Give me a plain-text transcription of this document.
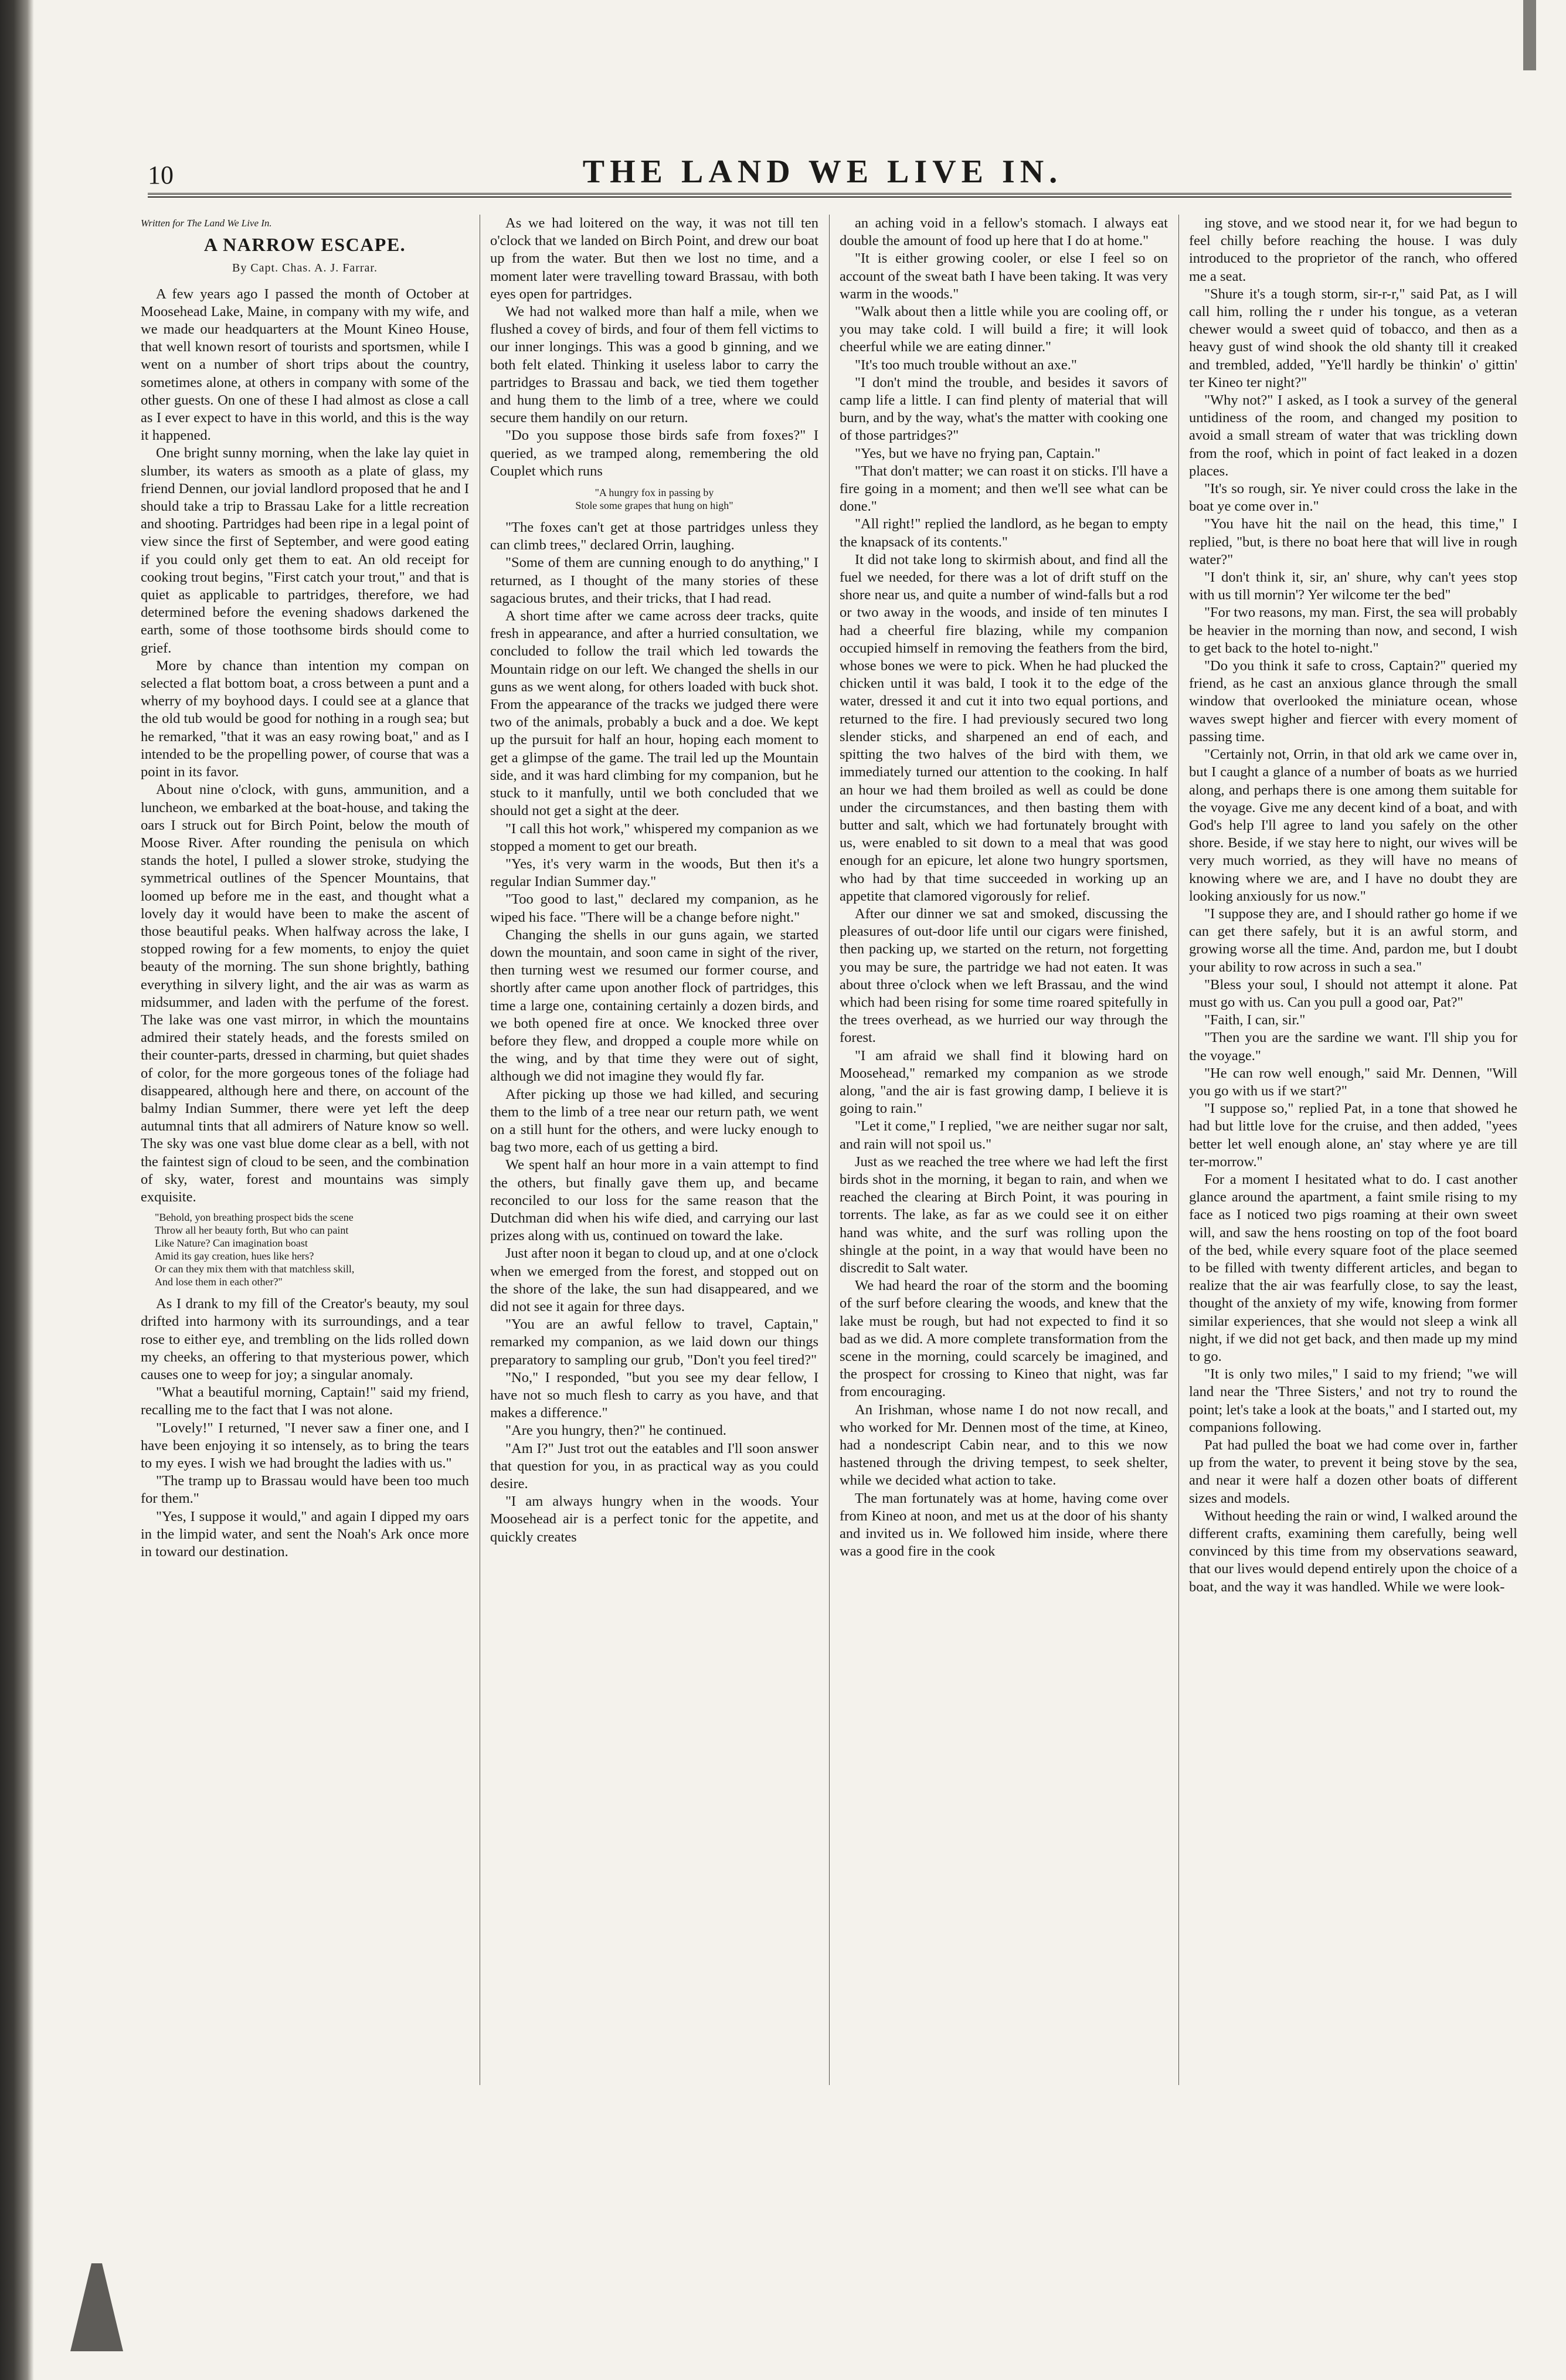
10	THE LAND WE LIVE IN.
Written for The Land We Live In.
A NARROW ESCAPE.
By Capt. Chas. A. J. Farrar.

A few years ago I passed the month of October at Moosehead Lake, Maine, in company with my wife, and we made our headquarters at the Mount Kineo House, that well known resort of tourists and sportsmen, while I went on a number of short trips about the country, sometimes alone, at others in company with some of the other guests. On one of these I had almost as close a call as I ever expect to have in this world, and this is the way it happened.

One bright sunny morning, when the lake lay quiet in slumber, its waters as smooth as a plate of glass, my friend Dennen, our jovial landlord proposed that he and I should take a trip to Brassau Lake for a little recreation and shooting. Partridges had been ripe in a legal point of view since the first of September, and were good eating if you could only get them to eat. An old receipt for cooking trout begins, "First catch your trout," and that is quiet as applicable to partridges, therefore, we had determined before the evening shadows darkened the earth, some of those toothsome birds should come to grief.

More by chance than intention my compan on selected a flat bottom boat, a cross between a punt and a wherry of my boyhood days. I could see at a glance that the old tub would be good for nothing in a rough sea; but he remarked, "that it was an easy rowing boat," and as I intended to be the propelling power, of course that was a point in its favor.

About nine o'clock, with guns, ammunition, and a luncheon, we embarked at the boat-house, and taking the oars I struck out for Birch Point, below the mouth of Moose River. After rounding the penisula on which stands the hotel, I pulled a slower stroke, studying the symmetrical outlines of the Spencer Mountains, that loomed up before me in the east, and thought what a lovely day it would have been to make the ascent of those beautiful peaks. When halfway across the lake, I stopped rowing for a few moments, to enjoy the quiet beauty of the morning. The sun shone brightly, bathing everything in silvery light, and the air was as warm as midsummer, and laden with the perfume of the forest. The lake was one vast mirror, in which the mountains admired their stately heads, and the forests smiled on their counter-parts, dressed in charming, but quiet shades of color, for the more gorgeous tones of the foliage had disappeared, although here and there, on account of the balmy Indian Summer, there were yet left the deep autumnal tints that all admirers of Nature know so well. The sky was one vast blue dome clear as a bell, with not the faintest sign of cloud to be seen, and the combination of sky, water, forest and mountains was simply exquisite.

"Behold, yon breathing prospect bids the scene
Throw all her beauty forth, But who can paint
Like Nature? Can imagination boast
Amid its gay creation, hues like hers?
Or can they mix them with that matchless skill,
And lose them in each other?"

As I drank to my fill of the Creator's beauty, my soul drifted into harmony with its surroundings, and a tear rose to either eye, and trembling on the lids rolled down my cheeks, an offering to that mysterious power, which causes one to weep for joy; a singular anomaly.

"What a beautiful morning, Captain!" said my friend, recalling me to the fact that I was not alone.

"Lovely!" I returned, "I never saw a finer one, and I have been enjoying it so intensely, as to bring the tears to my eyes. I wish we had brought the ladies with us."

"The tramp up to Brassau would have been too much for them."

"Yes, I suppose it would," and again I dipped my oars in the limpid water, and sent the Noah's Ark once more in toward our destination.

As we had loitered on the way, it was not till ten o'clock that we landed on Birch Point, and drew our boat up from the water. But then we lost no time, and a moment later were travelling toward Brassau, with both eyes open for partridges.

We had not walked more than half a mile, when we flushed a covey of birds, and four of them fell victims to our inner longings. This was a good b ginning, and we both felt elated. Thinking it useless labor to carry the partridges to Brassau and back, we tied them together and hung them to the limb of a tree, where we could secure them handily on our return.

"Do you suppose those birds safe from foxes?" I queried, as we tramped along, remembering the old Couplet which runs

"A hungry fox in passing by
Stole some grapes that hung on high"

"The foxes can't get at those partridges unless they can climb trees," declared Orrin, laughing.

"Some of them are cunning enough to do anything," I returned, as I thought of the many stories of these sagacious brutes, and their tricks, that I had read.

A short time after we came across deer tracks, quite fresh in appearance, and after a hurried consultation, we concluded to follow the trail which led towards the Mountain ridge on our left. We changed the shells in our guns as we went along, for others loaded with buck shot. From the appearance of the tracks we judged there were two of the animals, probably a buck and a doe. We kept up the pursuit for half an hour, hoping each moment to get a glimpse of the game. The trail led up the Mountain side, and it was hard climbing for my companion, but he stuck to it manfully, until we both concluded that we should not get a sight at the deer.

"I call this hot work," whispered my companion as we stopped a moment to get our breath.

"Yes, it's very warm in the woods, But then it's a regular Indian Summer day."

"Too good to last," declared my companion, as he wiped his face. "There will be a change before night."

Changing the shells in our guns again, we started down the mountain, and soon came in sight of the river, then turning west we resumed our former course, and shortly after came upon another flock of partridges, this time a large one, containing certainly a dozen birds, and we both opened fire at once. We knocked three over before they flew, and dropped a couple more while on the wing, and by that time they were out of sight, although we did not imagine they would fly far.

After picking up those we had killed, and securing them to the limb of a tree near our return path, we went on a still hunt for the others, and were lucky enough to bag two more, each of us getting a bird.

We spent half an hour more in a vain attempt to find the others, but finally gave them up, and became reconciled to our loss for the same reason that the Dutchman did when his wife died, and carrying our last prizes along with us, continued on toward the lake.

Just after noon it began to cloud up, and at one o'clock when we emerged from the forest, and stopped out on the shore of the lake, the sun had disappeared, and we did not see it again for three days.

"You are an awful fellow to travel, Captain," remarked my companion, as we laid down our things preparatory to sampling our grub, "Don't you feel tired?"

"No," I responded, "but you see my dear fellow, I have not so much flesh to carry as you have, and that makes a difference."

"Are you hungry, then?" he continued.

"Am I?" Just trot out the eatables and I'll soon answer that question for you, in as practical way as you could desire.

"I am always hungry when in the woods. Your Moosehead air is a perfect tonic for the appetite, and quickly creates

an aching void in a fellow's stomach. I always eat double the amount of food up here that I do at home."

"It is either growing cooler, or else I feel so on account of the sweat bath I have been taking. It was very warm in the woods."

"Walk about then a little while you are cooling off, or you may take cold. I will build a fire; it will look cheerful while we are eating dinner."

"It's too much trouble without an axe."

"I don't mind the trouble, and besides it savors of camp life a little. I can find plenty of material that will burn, and by the way, what's the matter with cooking one of those partridges?"

"Yes, but we have no frying pan, Captain."

"That don't matter; we can roast it on sticks. I'll have a fire going in a moment; and then we'll see what can be done."

"All right!" replied the landlord, as he began to empty the knapsack of its contents."

It did not take long to skirmish about, and find all the fuel we needed, for there was a lot of drift stuff on the shore near us, and quite a number of wind-falls but a rod or two away in the woods, and inside of ten minutes I had a cheerful fire blazing, while my companion occupied himself in removing the feathers from the bird, whose bones we were to pick. When he had plucked the chicken until it was bald, I took it to the edge of the water, dressed it and cut it into two equal portions, and returned to the fire. I had previously secured two long slender sticks, and sharpened an end of each, and spitting the two halves of the bird with them, we immediately turned our attention to the cooking. In half an hour we had them broiled as well as could be done under the circumstances, and then basting them with butter and salt, which we had fortunately brought with us, were enabled to sit down to a meal that was good enough for an epicure, let alone two hungry sportsmen, who had by that time succeeded in working up an appetite that clamored vigorously for relief.

After our dinner we sat and smoked, discussing the pleasures of out-door life until our cigars were finished, then packing up, we started on the return, not forgetting you may be sure, the partridge we had not eaten. It was about three o'clock when we left Brassau, and the wind which had been rising for some time roared spitefully in the trees overhead, as we hurried our way through the forest.

"I am afraid we shall find it blowing hard on Moosehead," remarked my companion as we strode along, "and the air is fast growing damp, I believe it is going to rain."

"Let it come," I replied, "we are neither sugar nor salt, and rain will not spoil us."

Just as we reached the tree where we had left the first birds shot in the morning, it began to rain, and when we reached the clearing at Birch Point, it was pouring in torrents. The lake, as far as we could see it on either hand was white, and the surf was rolling upon the shingle at the point, in a way that would have been no discredit to Salt water.

We had heard the roar of the storm and the booming of the surf before clearing the woods, and knew that the lake must be rough, but had not expected to find it so bad as we did. A more complete transformation from the scene in the morning, could scarcely be imagined, and the prospect for crossing to Kineo that night, was far from encouraging.

An Irishman, whose name I do not now recall, and who worked for Mr. Dennen most of the time, at Kineo, had a nondescript Cabin near, and to this we now hastened through the driving tempest, to seek shelter, while we decided what action to take.

The man fortunately was at home, having come over from Kineo at noon, and met us at the door of his shanty and invited us in. We followed him inside, where there was a good fire in the cook

ing stove, and we stood near it, for we had begun to feel chilly before reaching the house. I was duly introduced to the proprietor of the ranch, who offered me a seat.

"Shure it's a tough storm, sir-r-r," said Pat, as I will call him, rolling the r under his tongue, as a veteran chewer would a sweet quid of tobacco, and then as a heavy gust of wind shook the old shanty till it creaked and trembled, added, "Ye'll hardly be thinkin' o' gittin' ter Kineo ter night?"

"Why not?" I asked, as I took a survey of the general untidiness of the room, and changed my position to avoid a small stream of water that was trickling down from the roof, which in point of fact leaked in a dozen places.

"It's so rough, sir. Ye niver could cross the lake in the boat ye come over in."

"You have hit the nail on the head, this time," I replied, "but, is there no boat here that will live in rough water?"

"I don't think it, sir, an' shure, why can't yees stop with us till mornin'? Yer wilcome ter the bed"

"For two reasons, my man. First, the sea will probably be heavier in the morning than now, and second, I wish to get back to the hotel to-night."

"Do you think it safe to cross, Captain?" queried my friend, as he cast an anxious glance through the small window that overlooked the miniature ocean, whose waves swept higher and fiercer with every moment of passing time.

"Certainly not, Orrin, in that old ark we came over in, but I caught a glance of a number of boats as we hurried along, and perhaps there is one among them suitable for the voyage. Give me any decent kind of a boat, and with God's help I'll agree to land you safely on the other shore. Beside, if we stay here to night, our wives will be very much worried, as they will have no means of knowing where we are, and I have no doubt they are looking anxiously for us now."

"I suppose they are, and I should rather go home if we can get there safely, but it is an awful storm, and growing worse all the time. And, pardon me, but I doubt your ability to row across in such a sea."

"Bless your soul, I should not attempt it alone. Pat must go with us. Can you pull a good oar, Pat?"

"Faith, I can, sir."

"Then you are the sardine we want. I'll ship you for the voyage."

"He can row well enough," said Mr. Dennen, "Will you go with us if we start?"

"I suppose so," replied Pat, in a tone that showed he had but little love for the cruise, and then added, "yees better let well enough alone, an' stay where ye are till ter-morrow."

For a moment I hesitated what to do. I cast another glance around the apartment, a faint smile rising to my face as I noticed two pigs roaming at their own sweet will, and saw the hens roosting on top of the foot board of the bed, while every square foot of the place seemed to be filled with twenty different articles, and began to realize that the air was fearfully close, to say the least, thought of the anxiety of my wife, knowing from former similar experiences, that she would not sleep a wink all night, if we did not get back, and then made up my mind to go.

"It is only two miles," I said to my friend; "we will land near the 'Three Sisters,' and not try to round the point; let's take a look at the boats," and I started out, my companions following.

Pat had pulled the boat we had come over in, farther up from the water, to prevent it being stove by the sea, and near it were half a dozen other boats of different sizes and models.

Without heeding the rain or wind, I walked around the different crafts, examining them carefully, being well convinced by this time from my observations seaward, that our lives would depend entirely upon the choice of a boat, and the way it was handled. While we were look-
